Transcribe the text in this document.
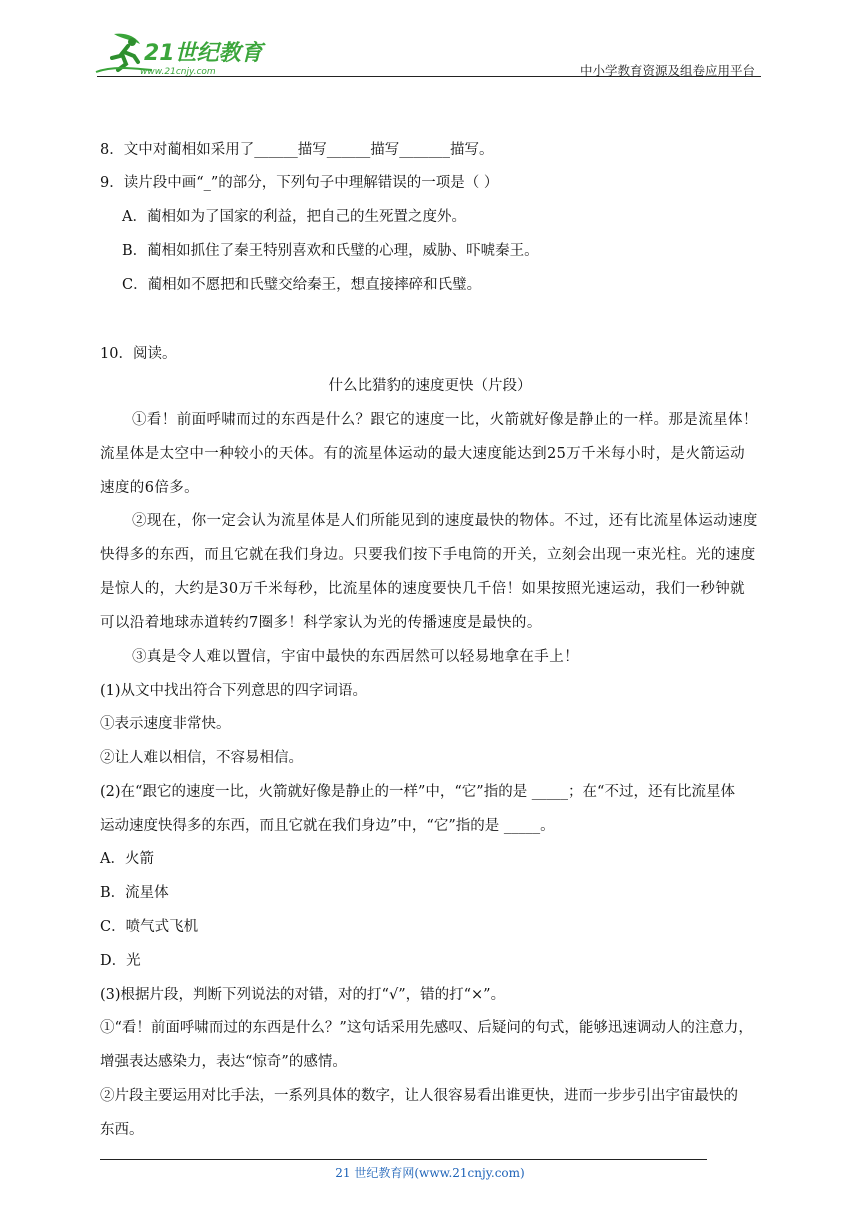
21世纪教育
www.21cnjy.com	中小学教育资源及组卷应用平台
8．文中对蔺相如采用了______描写______描写_______描写。
9．读片段中画“_”的部分，下列句子中理解错误的一项是（ ）
A．蔺相如为了国家的利益，把自己的生死置之度外。
B．蔺相如抓住了秦王特别喜欢和氏璧的心理，威胁、吓唬秦王。
C．蔺相如不愿把和氏璧交给秦王，想直接摔碎和氏璧。
10．阅读。
什么比猎豹的速度更快（片段）
①看！前面呼啸而过的东西是什么？跟它的速度一比，火箭就好像是静止的一样。那是流星体！
流星体是太空中一种较小的天体。有的流星体运动的最大速度能达到25万千米每小时，是火箭运动
速度的6倍多。
②现在，你一定会认为流星体是人们所能见到的速度最快的物体。不过，还有比流星体运动速度
快得多的东西，而且它就在我们身边。只要我们按下手电筒的开关，立刻会出现一束光柱。光的速度
是惊人的，大约是30万千米每秒，比流星体的速度要快几千倍！如果按照光速运动，我们一秒钟就
可以沿着地球赤道转约7圈多！科学家认为光的传播速度是最快的。
③真是令人难以置信，宇宙中最快的东西居然可以轻易地拿在手上！
(1)从文中找出符合下列意思的四字词语。
①表示速度非常快。
②让人难以相信，不容易相信。
(2)在“跟它的速度一比，火箭就好像是静止的一样”中，“它”指的是 _____；在“不过，还有比流星体
运动速度快得多的东西，而且它就在我们身边”中，“它”指的是 _____。
A．火箭
B．流星体
C．喷气式飞机
D．光
(3)根据片段，判断下列说法的对错，对的打“√”，错的打“×”。
①“看！前面呼啸而过的东西是什么？”这句话采用先感叹、后疑问的句式，能够迅速调动人的注意力，
增强表达感染力，表达“惊奇”的感情。
②片段主要运用对比手法，一系列具体的数字，让人很容易看出谁更快，进而一步步引出宇宙最快的
东西。
21 世纪教育网(www.21cnjy.com)
